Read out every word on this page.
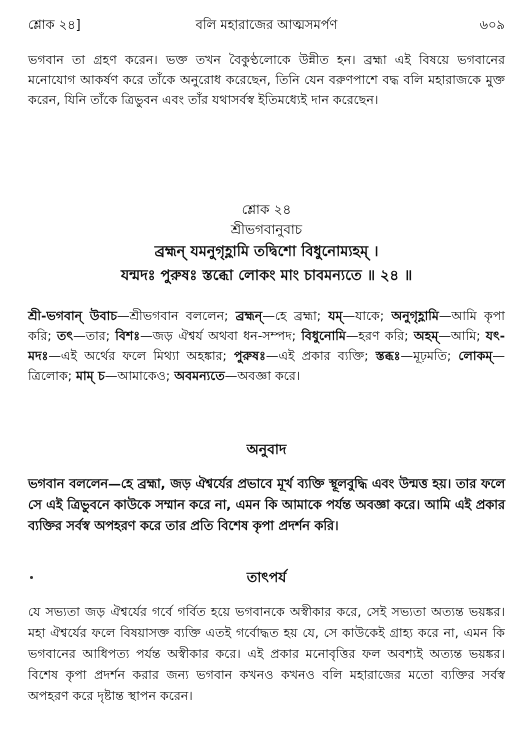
শ্লোক ২৪]	বলি মহারাজের আত্মসমর্পণ	৬০৯

ভগবান তা গ্রহণ করেন। ভক্ত তখন বৈকুণ্ঠলোকে উন্নীত হন। ব্রহ্মা এই বিষয়ে ভগবানের মনোযোগ আকর্ষণ করে তাঁকে অনুরোধ করেছেন, তিনি যেন বরুণপাশে বদ্ধ বলি মহারাজকে মুক্ত করেন, যিনি তাঁকে ত্রিভুবন এবং তাঁর যথাসর্বস্ব ইতিমধ্যেই দান করেছেন।

শ্লোক ২৪
শ্রীভগবানুবাচ
ব্রহ্মন্ যমনুগৃহ্ণামি তদ্বিশো বিধুনোম্যহম্ ।
যন্মদঃ পুরুষঃ স্তব্ধো লোকং মাং চাবমন্যতে ॥ ২৪ ॥
শ্রী-ভগবান্ উবাচ—শ্রীভগবান বললেন; ব্রহ্মন্—হে ব্রহ্মা; যম্—যাকে; অনুগৃহ্ণামি—আমি কৃপা করি; তৎ—তার; বিশঃ—জড় ঐশ্বর্য অথবা ধন-সম্পদ; বিধুনোমি—হরণ করি; অহম্—আমি; যৎ-মদঃ—এই অর্থের ফলে মিথ্যা অহঙ্কার; পুরুষঃ—এই প্রকার ব্যক্তি; স্তব্ধঃ—মূঢ়মতি; লোকম্—ত্রিলোক; মাম্ চ—আমাকেও; অবমন্যতে—অবজ্ঞা করে।
অনুবাদ

ভগবান বললেন—হে ব্রহ্মা, জড় ঐশ্বর্যের প্রভাবে মূর্খ ব্যক্তি স্থূলবুদ্ধি এবং উন্মত্ত হয়। তার ফলে সে এই ত্রিভুবনে কাউকে সম্মান করে না, এমন কি আমাকে পর্যন্ত অবজ্ঞা করে। আমি এই প্রকার ব্যক্তির সর্বস্ব অপহরণ করে তার প্রতি বিশেষ কৃপা প্রদর্শন করি।

তাৎপর্য

যে সভ্যতা জড় ঐশ্বর্যের গর্বে গর্বিত হয়ে ভগবানকে অস্বীকার করে, সেই সভ্যতা অত্যন্ত ভয়ঙ্কর। মহা ঐশ্বর্যের ফলে বিষয়াসক্ত ব্যক্তি এতই গর্বোদ্ধত হয় যে, সে কাউকেই গ্রাহ্য করে না, এমন কি ভগবানের আধিপত্য পর্যন্ত অস্বীকার করে। এই প্রকার মনোবৃত্তির ফল অবশ্যই অত্যন্ত ভয়ঙ্কর। বিশেষ কৃপা প্রদর্শন করার জন্য ভগবান কখনও কখনও বলি মহারাজের মতো ব্যক্তির সর্বস্ব অপহরণ করে দৃষ্টান্ত স্থাপন করেন।
